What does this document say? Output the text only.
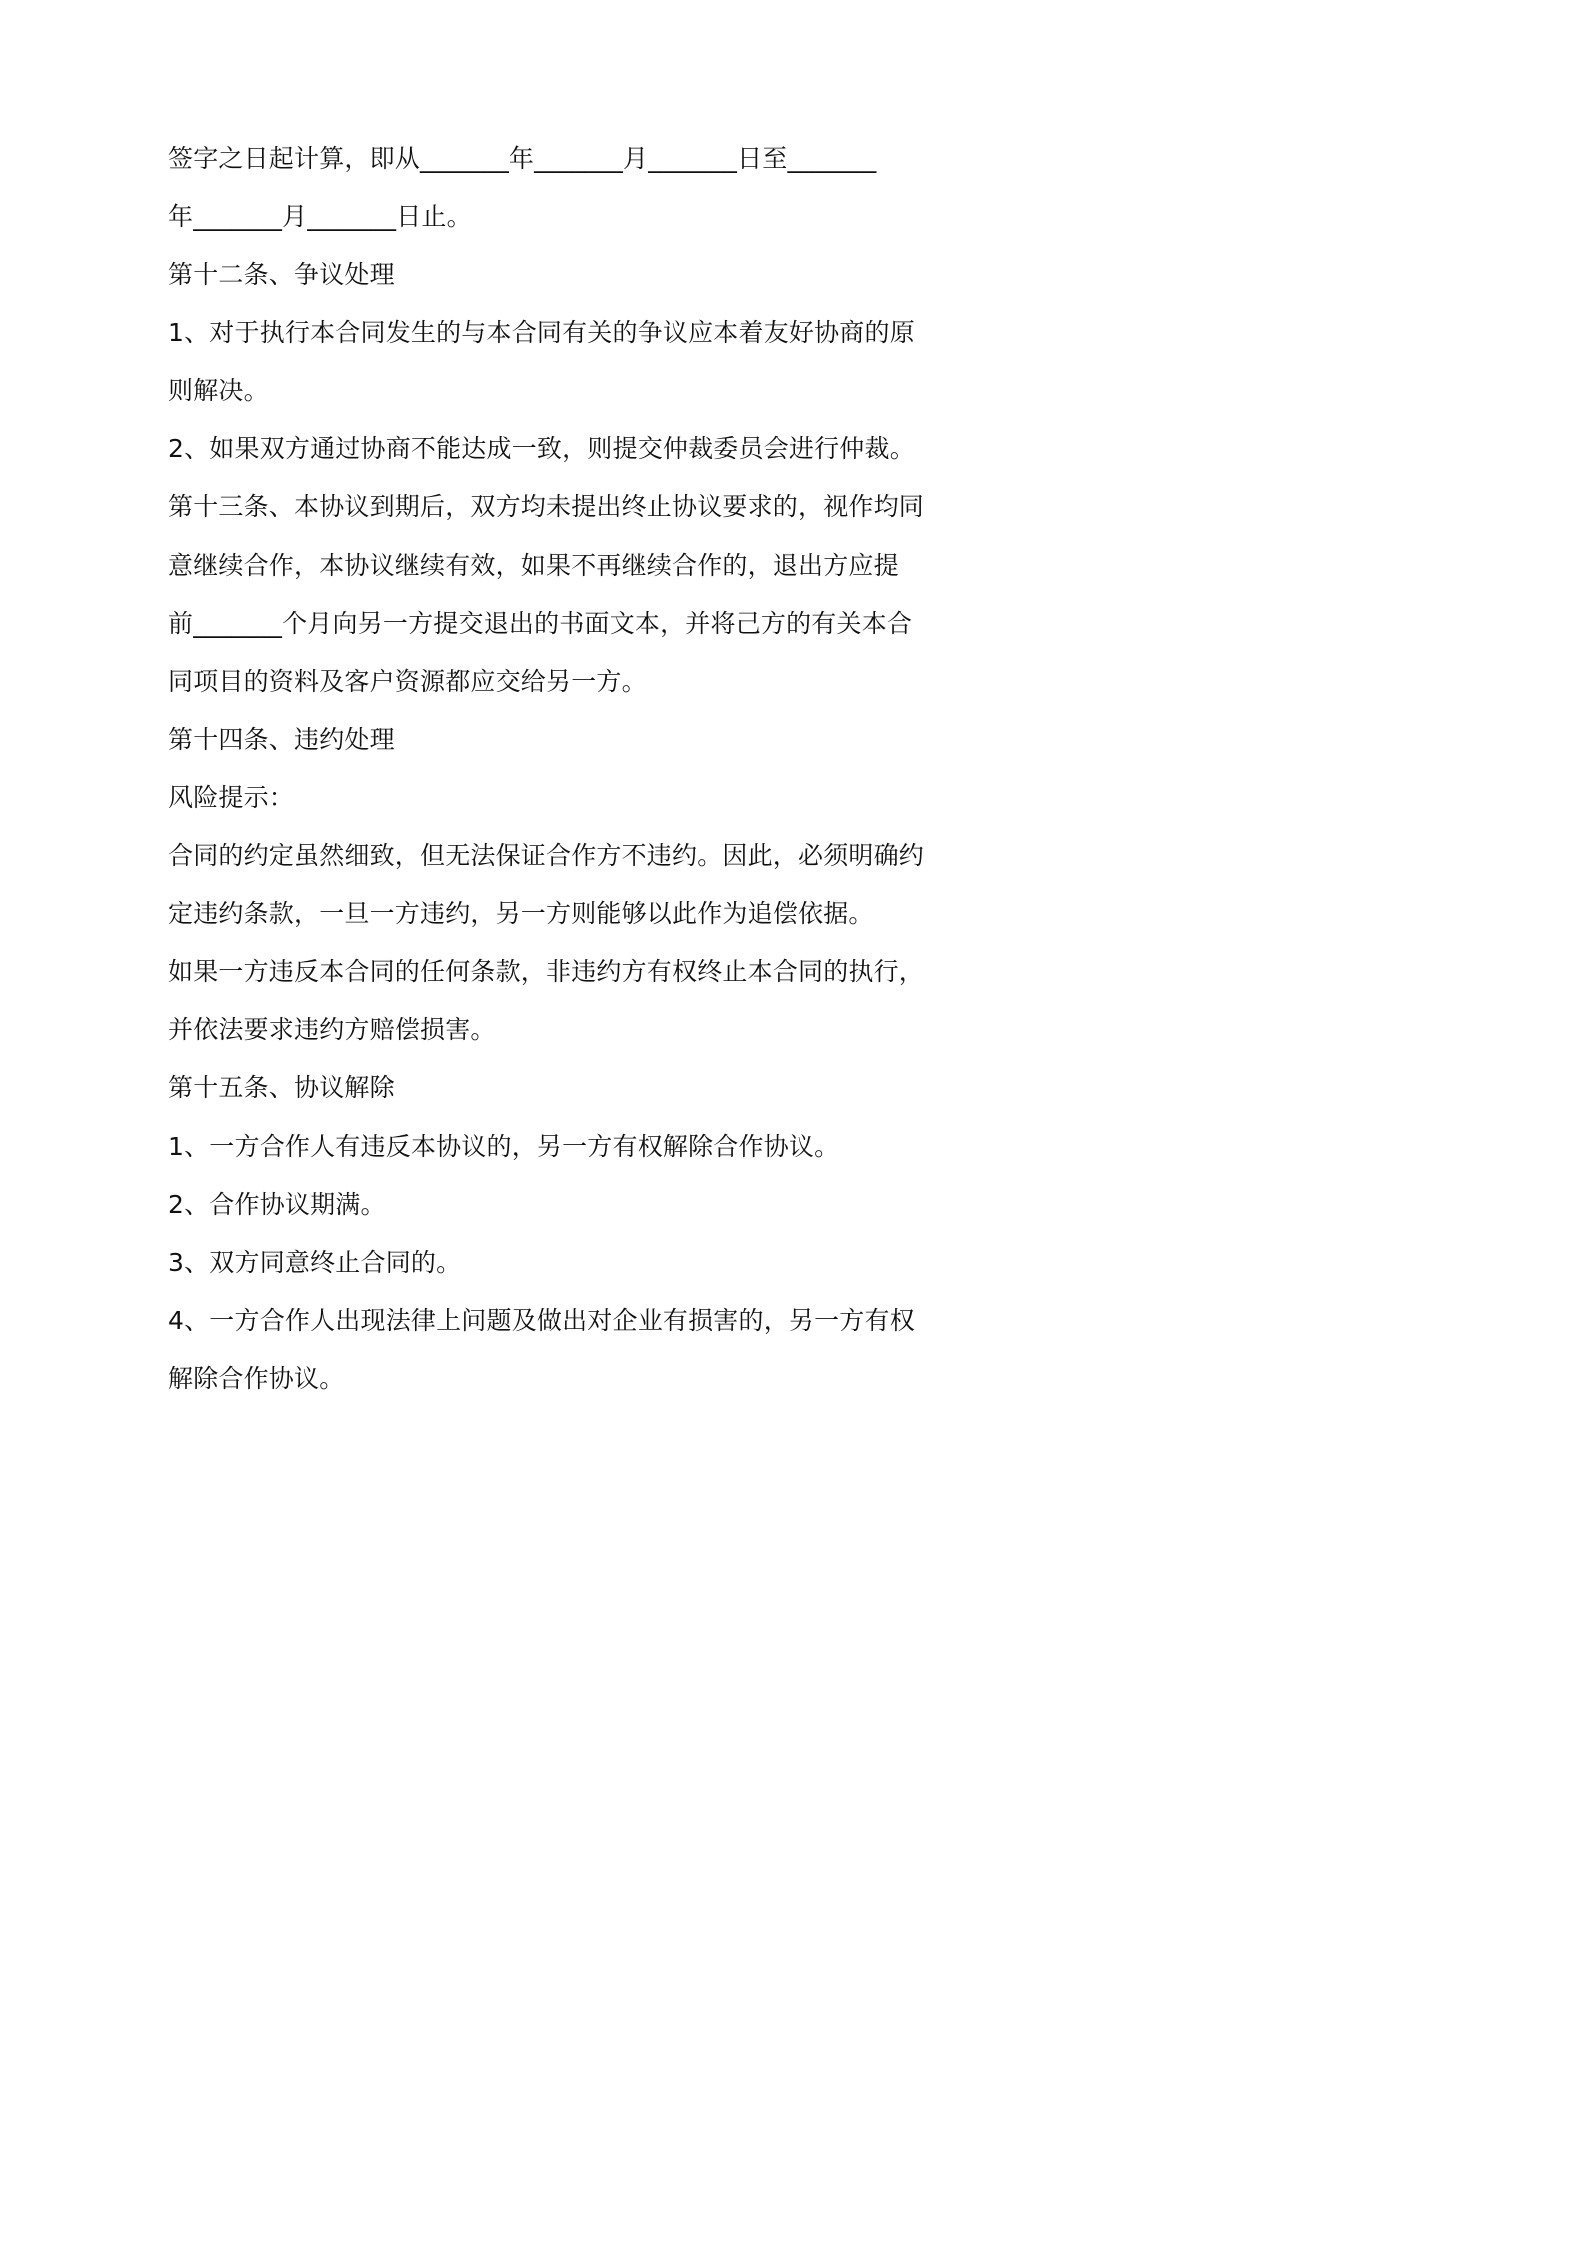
签字之日起计算，即从_______年_______月_______日至_______

年_______月_______日止。

第十二条、争议处理

1、对于执行本合同发生的与本合同有关的争议应本着友好协商的原

则解决。

2、如果双方通过协商不能达成一致，则提交仲裁委员会进行仲裁。

第十三条、本协议到期后，双方均未提出终止协议要求的，视作均同

意继续合作，本协议继续有效，如果不再继续合作的，退出方应提

前_______个月向另一方提交退出的书面文本，并将己方的有关本合

同项目的资料及客户资源都应交给另一方。

第十四条、违约处理

风险提示：

合同的约定虽然细致，但无法保证合作方不违约。因此，必须明确约

定违约条款，一旦一方违约，另一方则能够以此作为追偿依据。

如果一方违反本合同的任何条款，非违约方有权终止本合同的执行，

并依法要求违约方赔偿损害。

第十五条、协议解除

1、一方合作人有违反本协议的，另一方有权解除合作协议。

2、合作协议期满。

3、双方同意终止合同的。

4、一方合作人出现法律上问题及做出对企业有损害的，另一方有权

解除合作协议。
